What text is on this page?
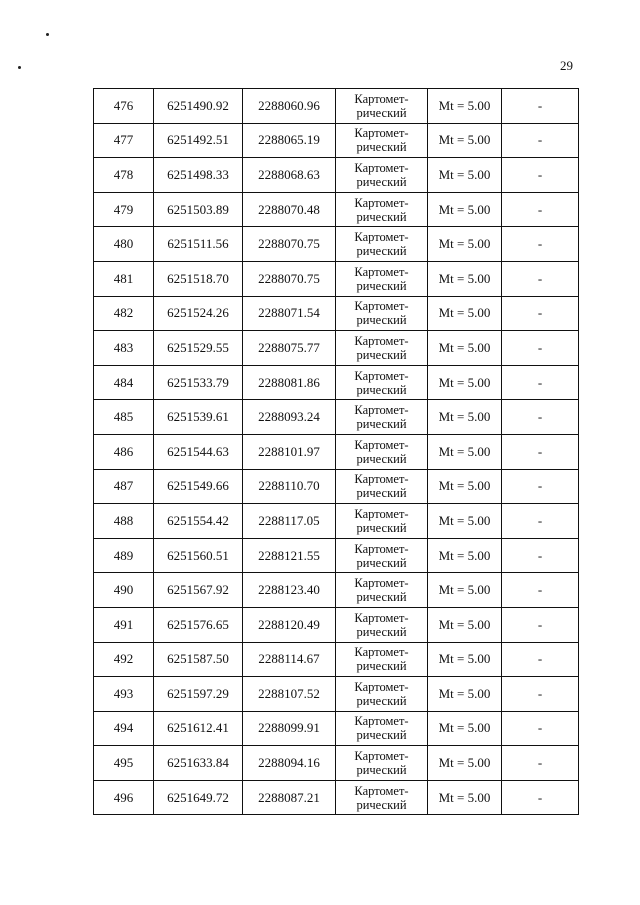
29
476	6251490.92	2288060.96	Картомет-
рический	Mt = 5.00	-
477	6251492.51	2288065.19	Картомет-
рический	Mt = 5.00	-
478	6251498.33	2288068.63	Картомет-
рический	Mt = 5.00	-
479	6251503.89	2288070.48	Картомет-
рический	Mt = 5.00	-
480	6251511.56	2288070.75	Картомет-
рический	Mt = 5.00	-
481	6251518.70	2288070.75	Картомет-
рический	Mt = 5.00	-
482	6251524.26	2288071.54	Картомет-
рический	Mt = 5.00	-
483	6251529.55	2288075.77	Картомет-
рический	Mt = 5.00	-
484	6251533.79	2288081.86	Картомет-
рический	Mt = 5.00	-
485	6251539.61	2288093.24	Картомет-
рический	Mt = 5.00	-
486	6251544.63	2288101.97	Картомет-
рический	Mt = 5.00	-
487	6251549.66	2288110.70	Картомет-
рический	Mt = 5.00	-
488	6251554.42	2288117.05	Картомет-
рический	Mt = 5.00	-
489	6251560.51	2288121.55	Картомет-
рический	Mt = 5.00	-
490	6251567.92	2288123.40	Картомет-
рический	Mt = 5.00	-
491	6251576.65	2288120.49	Картомет-
рический	Mt = 5.00	-
492	6251587.50	2288114.67	Картомет-
рический	Mt = 5.00	-
493	6251597.29	2288107.52	Картомет-
рический	Mt = 5.00	-
494	6251612.41	2288099.91	Картомет-
рический	Mt = 5.00	-
495	6251633.84	2288094.16	Картомет-
рический	Mt = 5.00	-
496	6251649.72	2288087.21	Картомет-
рический	Mt = 5.00	-
